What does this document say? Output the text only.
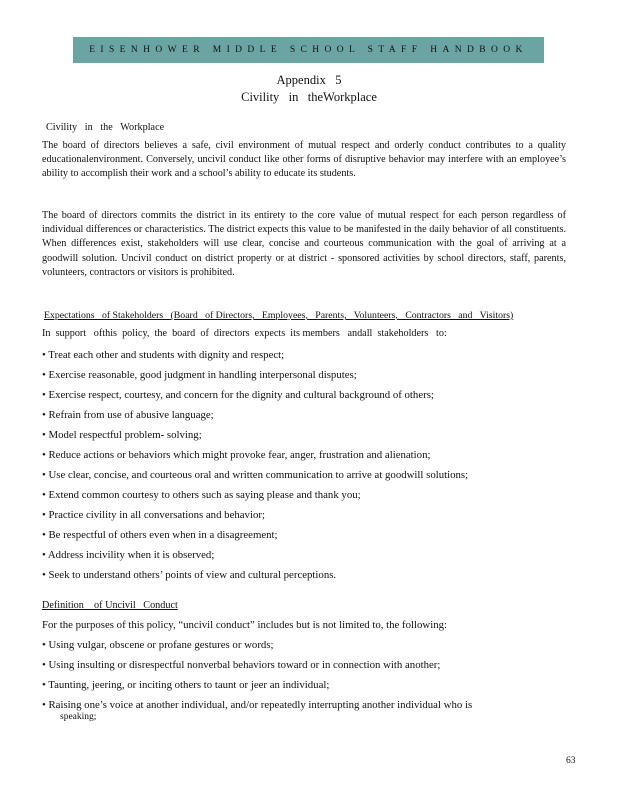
EISENHOWER MIDDLE SCHOOL STAFF HANDBOOK
Appendix   5
Civility   in   theWorkplace
Civility   in   the   Workplace
The board of directors believes a safe, civil environment of mutual respect and orderly conduct contributes to a quality educationalenvironment. Conversely, uncivil conduct like other forms of disruptive behavior may interfere with an employee’s ability to accomplish their work and a school’s ability to educate its students.
The board of directors commits the district in its entirety to the core value of mutual respect for each person regardless of individual differences or characteristics. The district expects this value to be manifested in the daily behavior of all constituents. When differences exist, stakeholders will use clear, concise and courteous communication with the goal of arriving at a goodwill solution. Uncivil conduct on district property or at district - sponsored activities by school directors, staff, parents, volunteers, contractors or visitors is prohibited.
Expectations   of Stakeholders   (Board   of Directors,   Employees,   Parents,   Volunteers,   Contractors   and   Visitors)
In  support   ofthis  policy,  the  board  of  directors  expects  its members   andall  stakeholders   to:
• Treat each other and students with dignity and respect;
• Exercise reasonable, good judgment in handling interpersonal disputes;
• Exercise respect, courtesy, and concern for the dignity and cultural background of others;
• Refrain from use of abusive language;
• Model respectful problem- solving;
• Reduce actions or behaviors which might provoke fear, anger, frustration and alienation;
• Use clear, concise, and courteous oral and written communication to arrive at goodwill solutions;
• Extend common courtesy to others such as saying please and thank you;
• Practice civility in all conversations and behavior;
• Be respectful of others even when in a disagreement;
• Address incivility when it is observed;
• Seek to understand others’ points of view and cultural perceptions.
Definition    of Uncivil   Conduct
For the purposes of this policy, “uncivil conduct” includes but is not limited to, the following:
• Using vulgar, obscene or profane gestures or words;
• Using insulting or disrespectful nonverbal behaviors toward or in connection with another;
• Taunting, jeering, or inciting others to taunt or jeer an individual;
• Raising one’s voice at another individual, and/or repeatedly interrupting another individual who is
speaking;
63
